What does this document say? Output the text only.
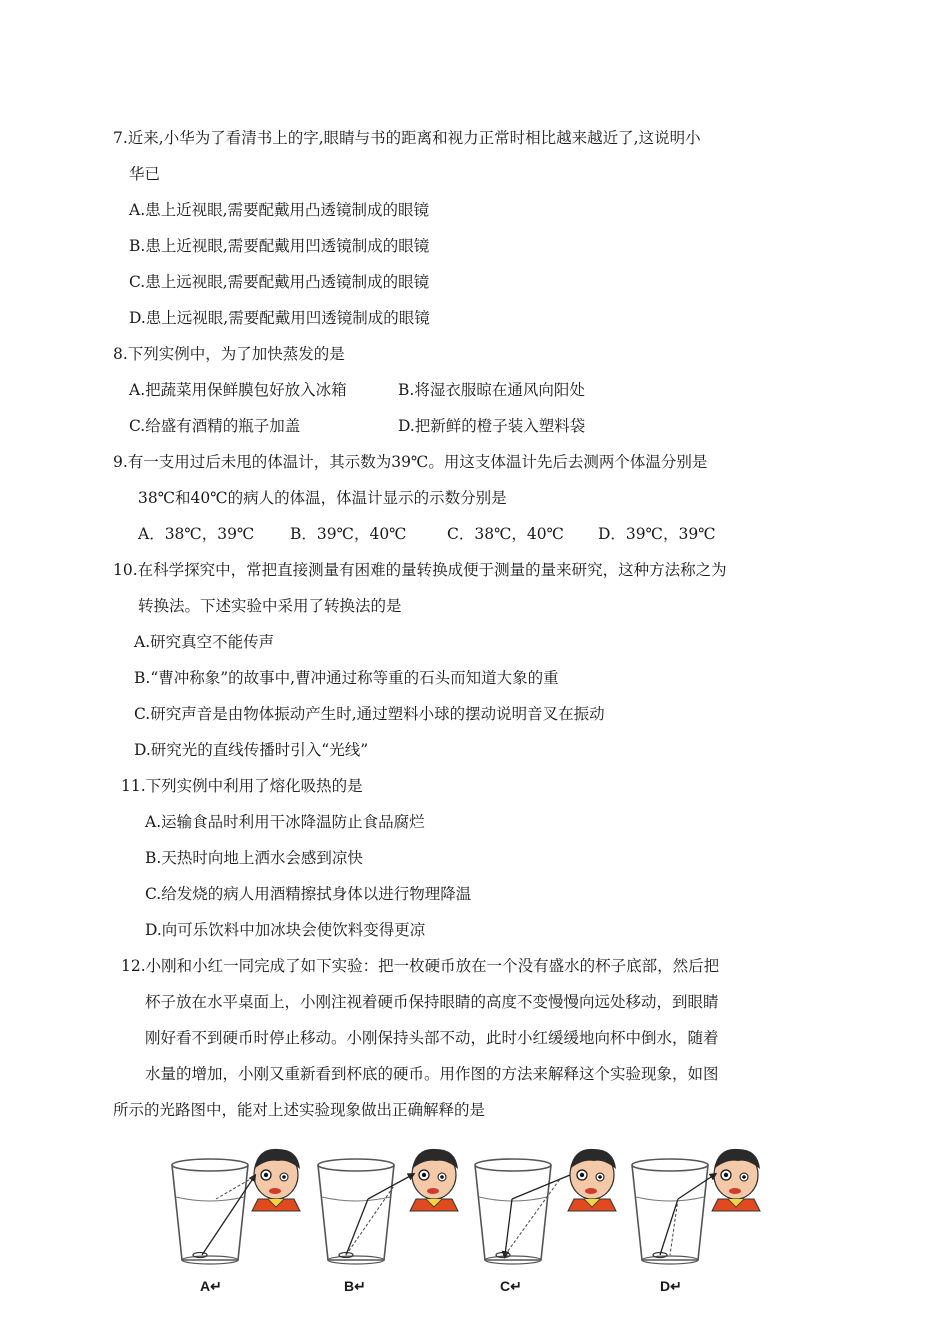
7.近来,小华为了看清书上的字,眼睛与书的距离和视力正常时相比越来越近了,这说明小
华已
A.患上近视眼,需要配戴用凸透镜制成的眼镜
B.患上近视眼,需要配戴用凹透镜制成的眼镜
C.患上远视眼,需要配戴用凸透镜制成的眼镜
D.患上远视眼,需要配戴用凹透镜制成的眼镜
8.下列实例中，为了加快蒸发的是
A.把蔬菜用保鲜膜包好放入冰箱	B.将湿衣服晾在通风向阳处
C.给盛有酒精的瓶子加盖	D.把新鲜的橙子装入塑料袋
9.有一支用过后未甩的体温计，其示数为39℃。用这支体温计先后去测两个体温分别是
38℃和40℃的病人的体温，体温计显示的示数分别是
A．38℃，39℃ B．39℃，40℃	C．38℃，40℃ D．39℃，39℃
10.在科学探究中，常把直接测量有困难的量转换成便于测量的量来研究，这种方法称之为
转换法。下述实验中采用了转换法的是
A.研究真空不能传声
B.“曹冲称象”的故事中,曹冲通过称等重的石头而知道大象的重
C.研究声音是由物体振动产生时,通过塑料小球的摆动说明音叉在振动
D.研究光的直线传播时引入“光线”
11.下列实例中利用了熔化吸热的是
A.运输食品时利用干冰降温防止食品腐烂
B.天热时向地上洒水会感到凉快
C.给发烧的病人用酒精擦拭身体以进行物理降温
D.向可乐饮料中加冰块会使饮料变得更凉
12.小刚和小红一同完成了如下实验：把一枚硬币放在一个没有盛水的杯子底部，然后把
杯子放在水平桌面上，小刚注视着硬币保持眼睛的高度不变慢慢向远处移动，到眼睛
刚好看不到硬币时停止移动。小刚保持头部不动，此时小红缓缓地向杯中倒水，随着
水量的增加，小刚又重新看到杯底的硬币。用作图的方法来解释这个实验现象，如图
所示的光路图中，能对上述实验现象做出正确解释的是
A↵	B↵	C↵	D↵
